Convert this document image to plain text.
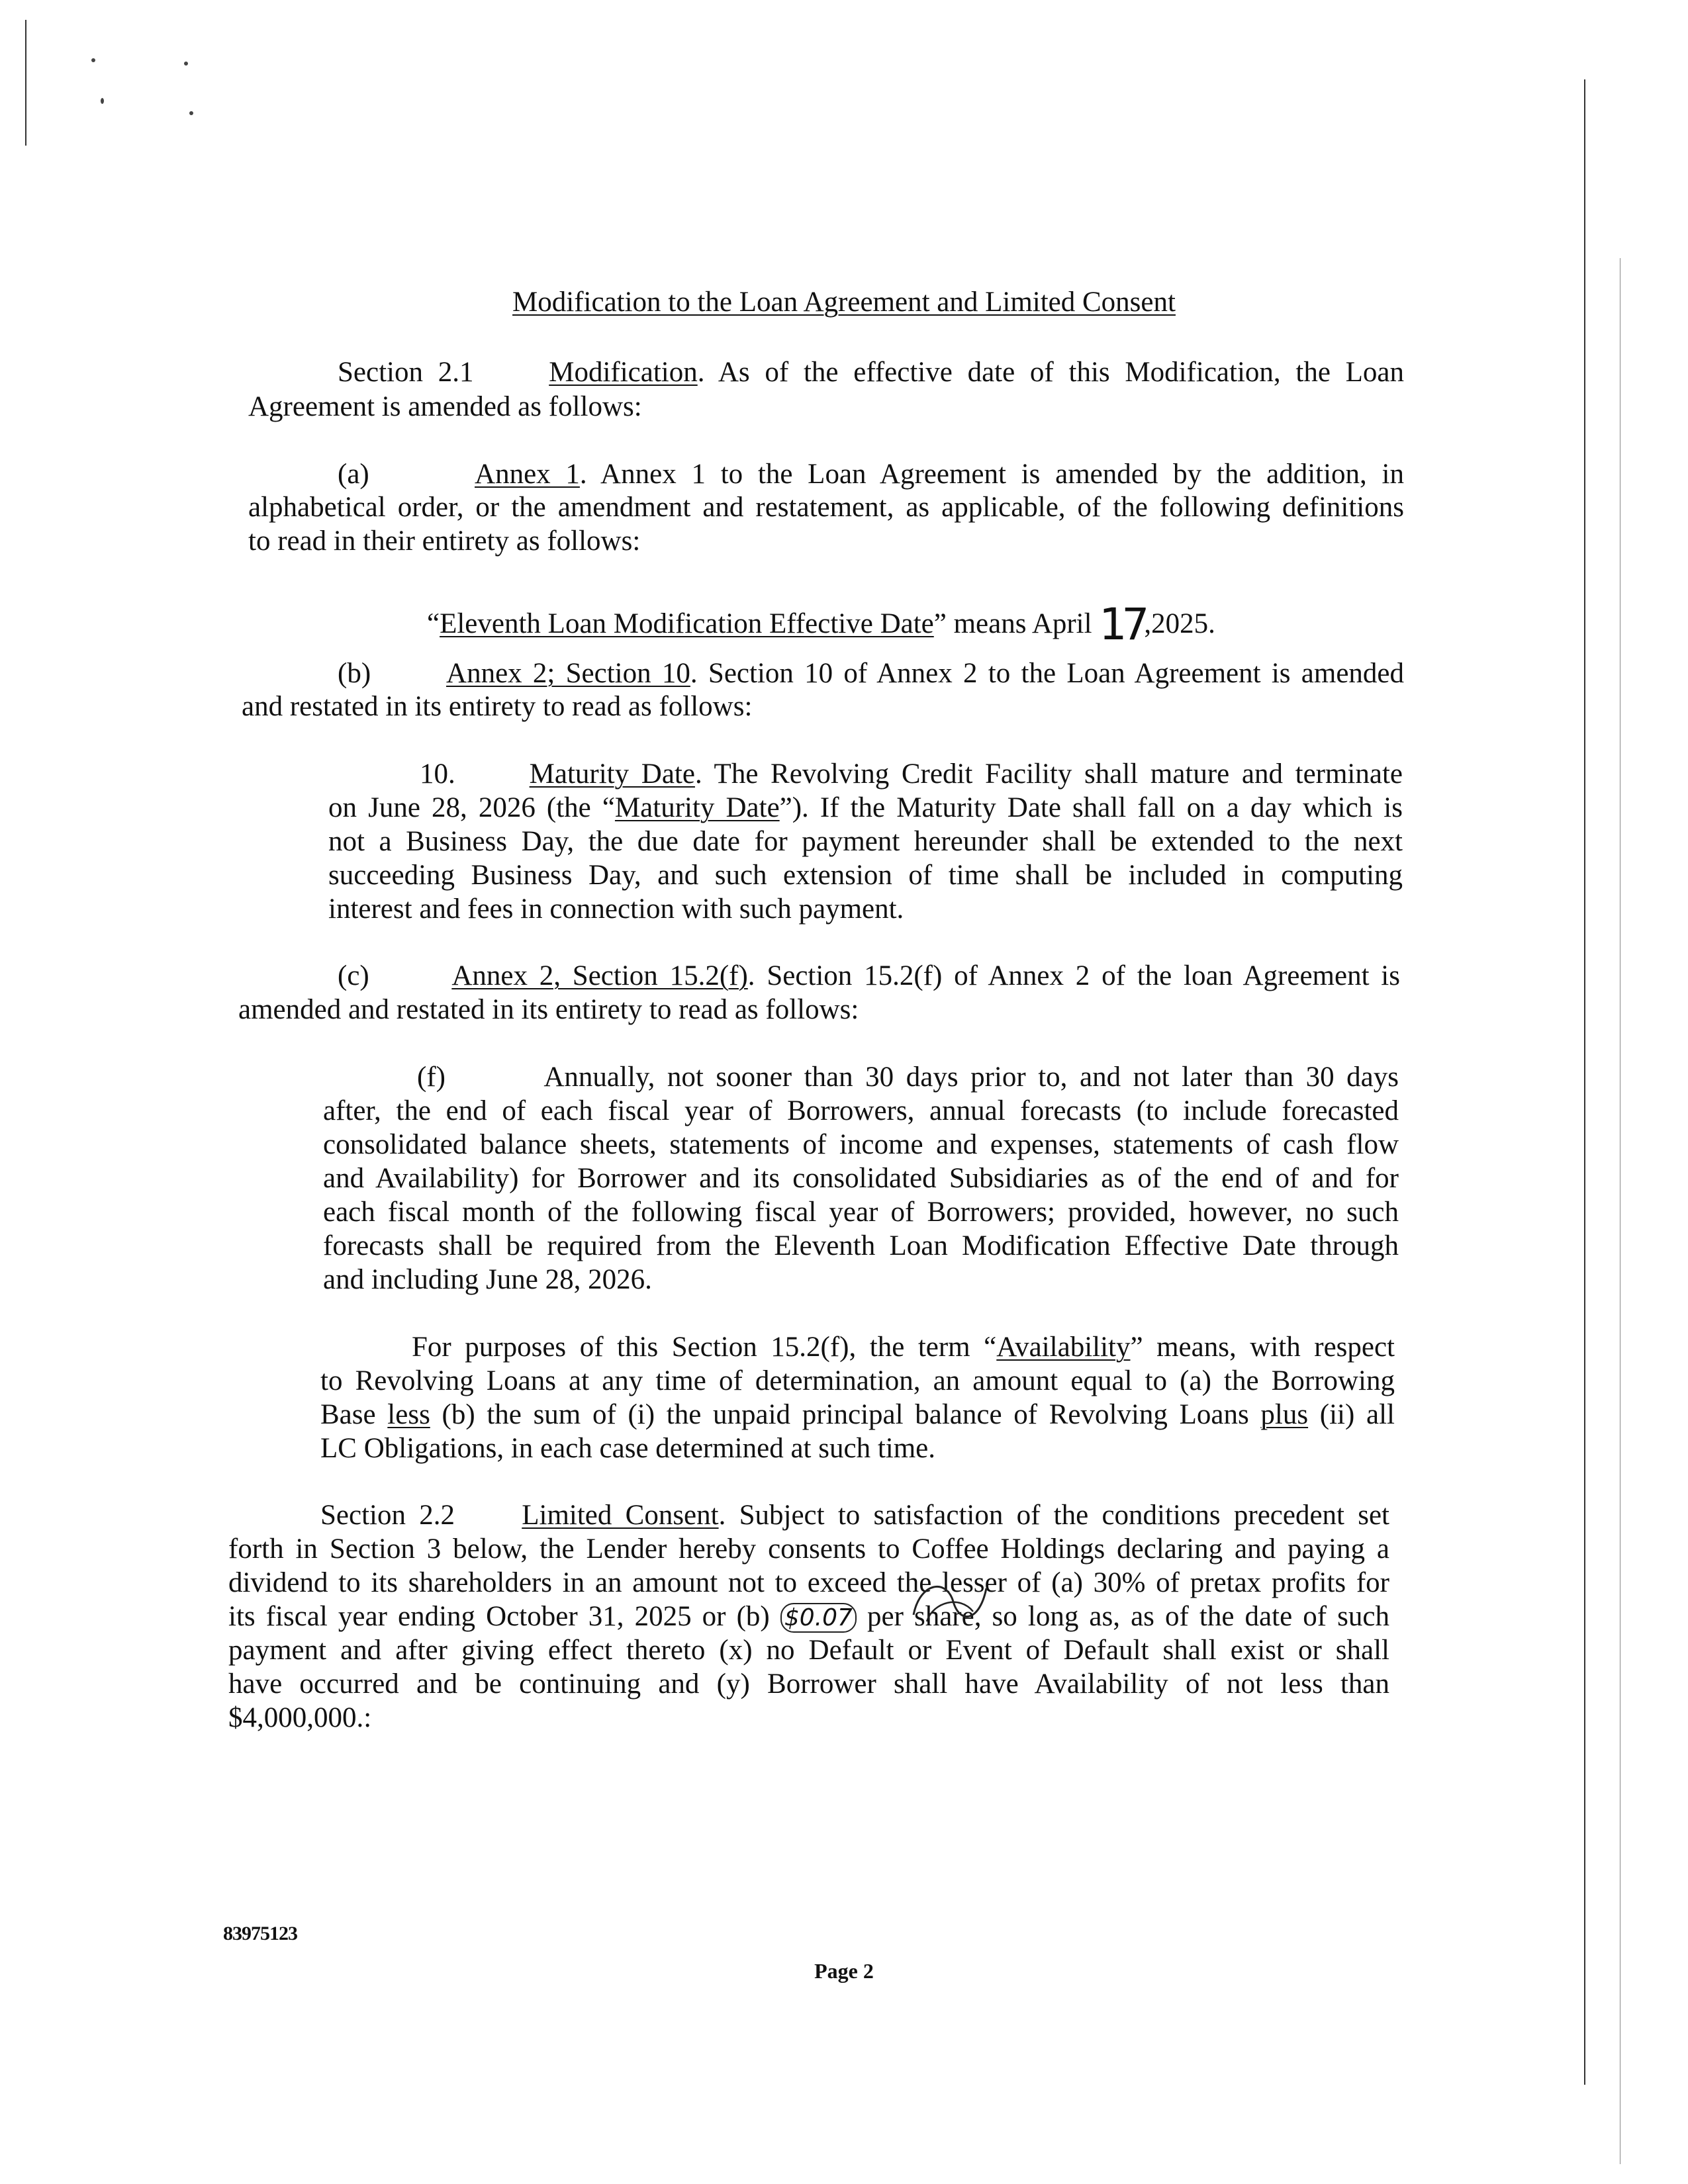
Modification to the Loan Agreement and Limited Consent
Section 2.1	Modification. As of the effective date of this Modification, the Loan
Agreement is amended as follows:
(a)	Annex 1. Annex 1 to the Loan Agreement is amended by the addition, in
alphabetical order, or the amendment and restatement, as applicable, of the following definitions
to read in their entirety as follows:
“Eleventh Loan Modification Effective Date” means April 17,2025.
(b)	Annex 2; Section 10. Section 10 of Annex 2 to the Loan Agreement is amended
and restated in its entirety to read as follows:
10.	Maturity Date. The Revolving Credit Facility shall mature and terminate
on June 28, 2026 (the “Maturity Date”). If the Maturity Date shall fall on a day which is
not a Business Day, the due date for payment hereunder shall be extended to the next
succeeding Business Day, and such extension of time shall be included in computing
interest and fees in connection with such payment.
(c)	Annex 2, Section 15.2(f). Section 15.2(f) of Annex 2 of the loan Agreement is
amended and restated in its entirety to read as follows:
(f)	Annually, not sooner than 30 days prior to, and not later than 30 days
after, the end of each fiscal year of Borrowers, annual forecasts (to include forecasted
consolidated balance sheets, statements of income and expenses, statements of cash flow
and Availability) for Borrower and its consolidated Subsidiaries as of the end of and for
each fiscal month of the following fiscal year of Borrowers; provided, however, no such
forecasts shall be required from the Eleventh Loan Modification Effective Date through
and including June 28, 2026.
For purposes of this Section 15.2(f), the term “Availability” means, with respect
to Revolving Loans at any time of determination, an amount equal to (a) the Borrowing
Base less (b) the sum of (i) the unpaid principal balance of Revolving Loans plus (ii) all
LC Obligations, in each case determined at such time.
Section 2.2 Limited Consent. Subject to satisfaction of the conditions precedent set
forth in Section 3 below, the Lender hereby consents to Coffee Holdings declaring and paying a
dividend to its shareholders in an amount not to exceed the lesser of (a) 30% of pretax profits for
its fiscal year ending October 31, 2025 or (b) $0.07 per share, so long as, as of the date of such
payment and after giving effect thereto (x) no Default or Event of Default shall exist or shall
have occurred and be continuing and (y) Borrower shall have Availability of not less than
$4,000,000.:
83975123
Page 2
